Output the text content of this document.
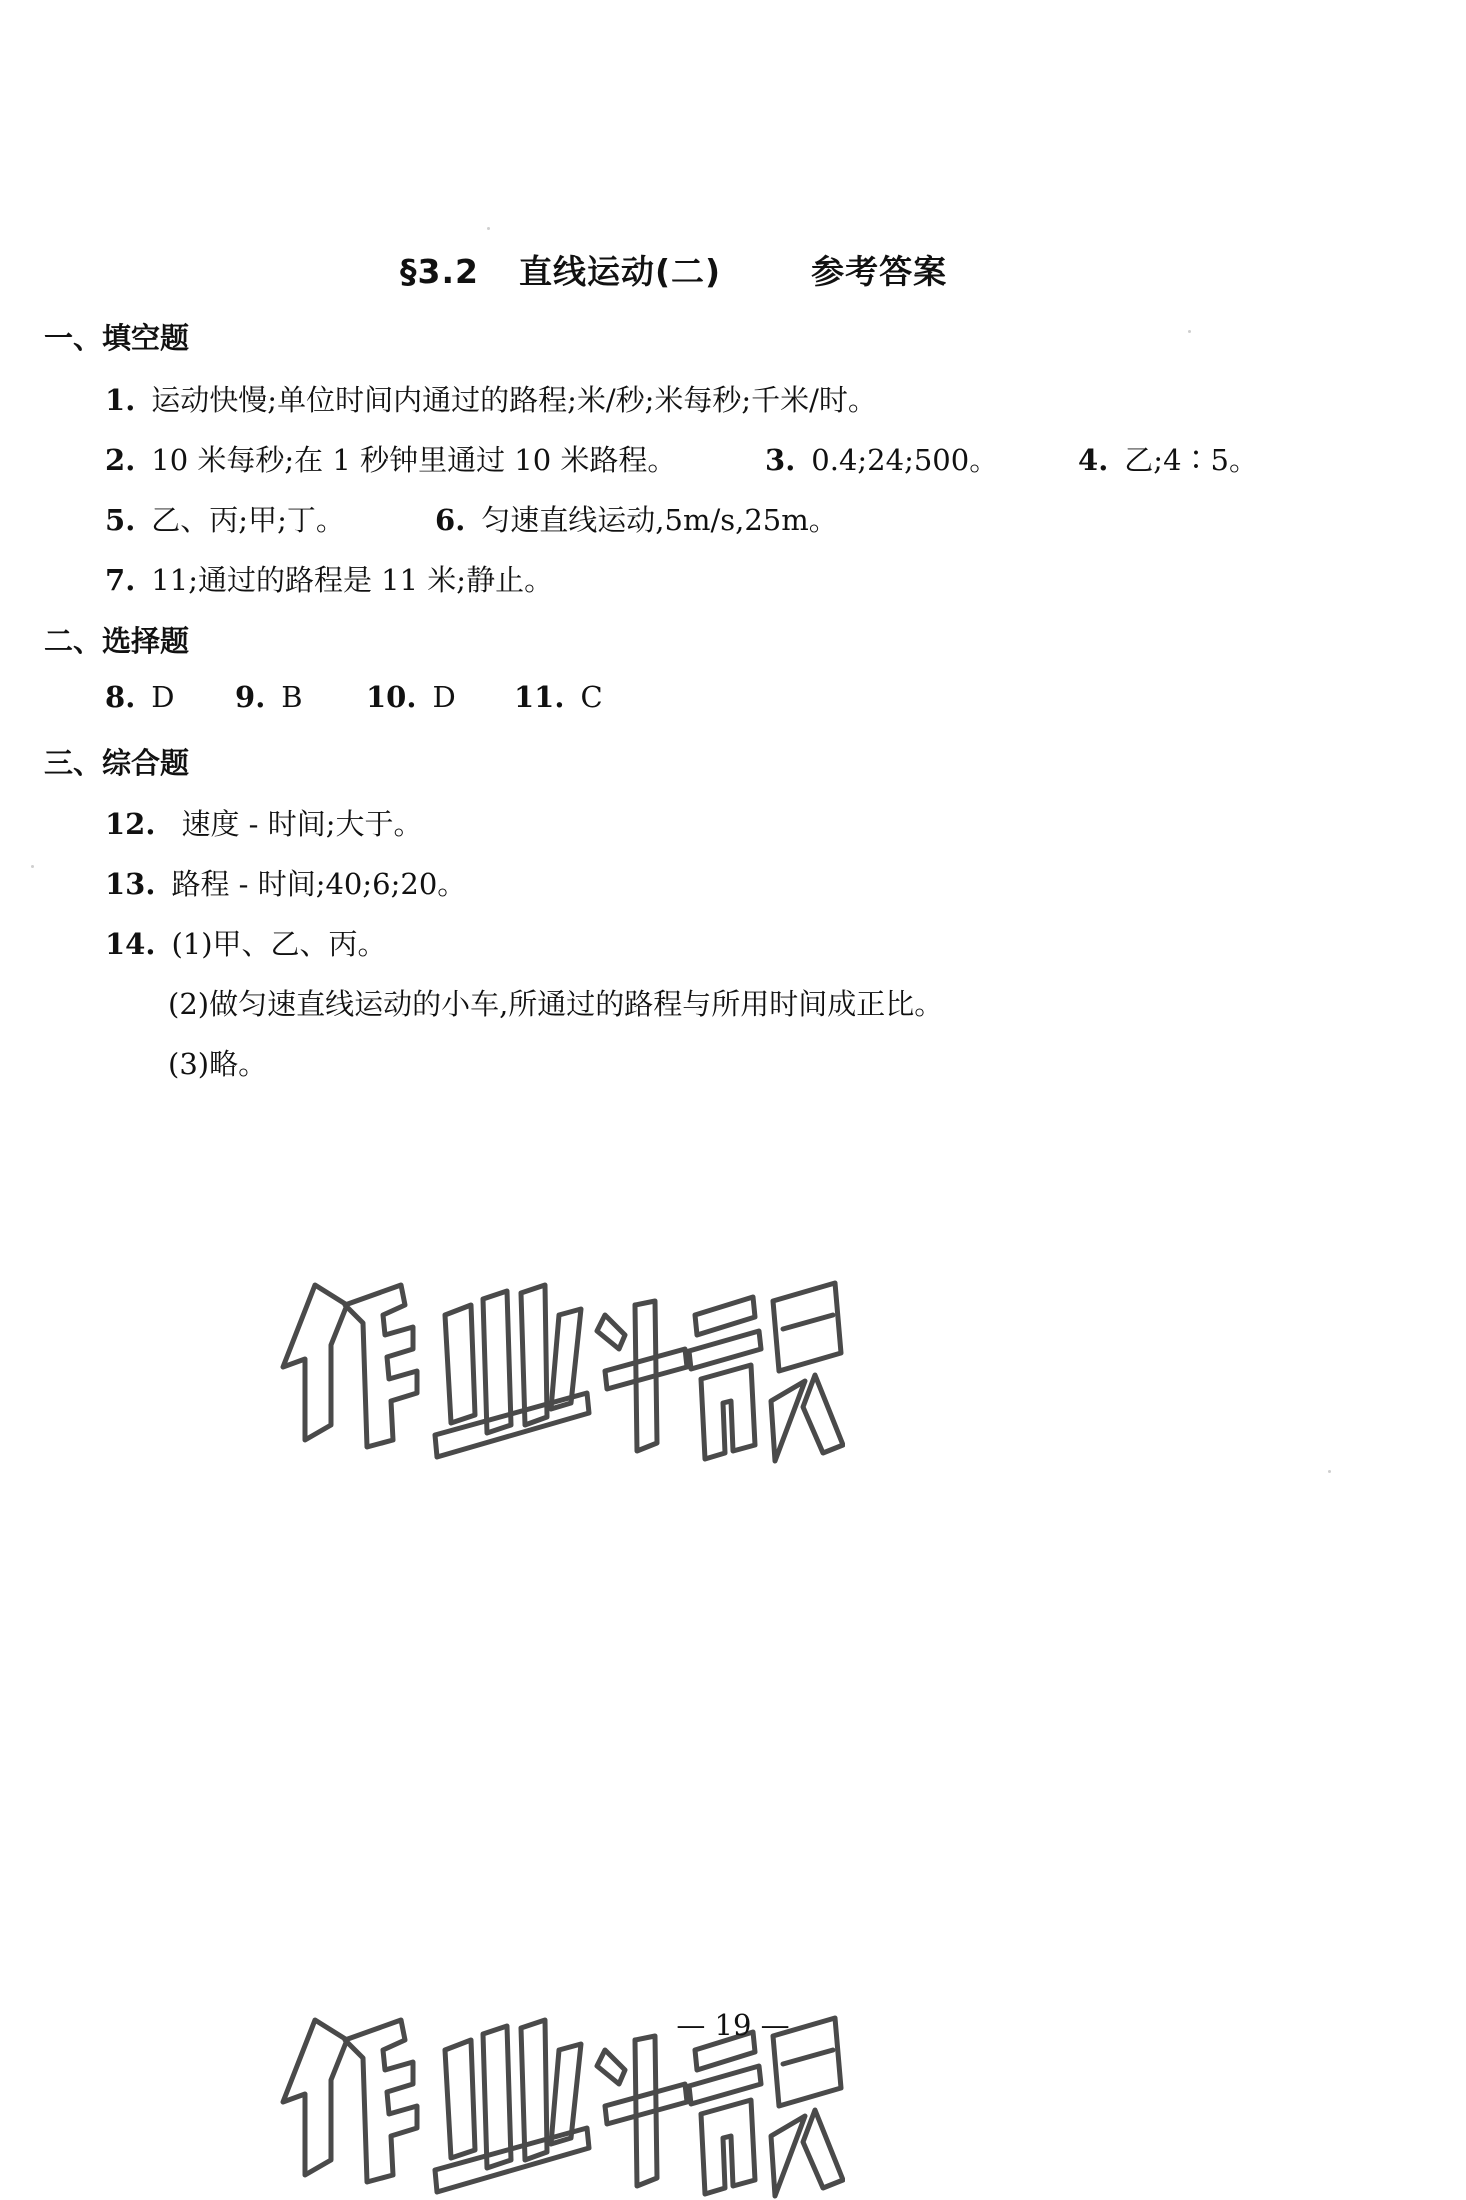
§3.2 直线运动(二)	参考答案
一、填空题
1 . 运动快慢;单位时间内通过的路程;米/秒;米每秒;千米/时。
2 . 10 米每秒;在 1 秒钟里通过 10 米路程。	3 . 0.4;24;500。	4 . 乙;4∶5。
5 . 乙、丙;甲;丁。	6 . 匀速直线运动,5m/s,25m。
7 . 11;通过的路程是 11 米;静止。
二、选择题
8 . D 9 . B 10 . D 11 . C
三、综合题
12 . 速度 - 时间;大于。
13 . 路程 - 时间;40;6;20。
14 . (1)甲、乙、丙。
(2)做匀速直线运动的小车,所通过的路程与所用时间成正比。
(3)略。
— 19 —
